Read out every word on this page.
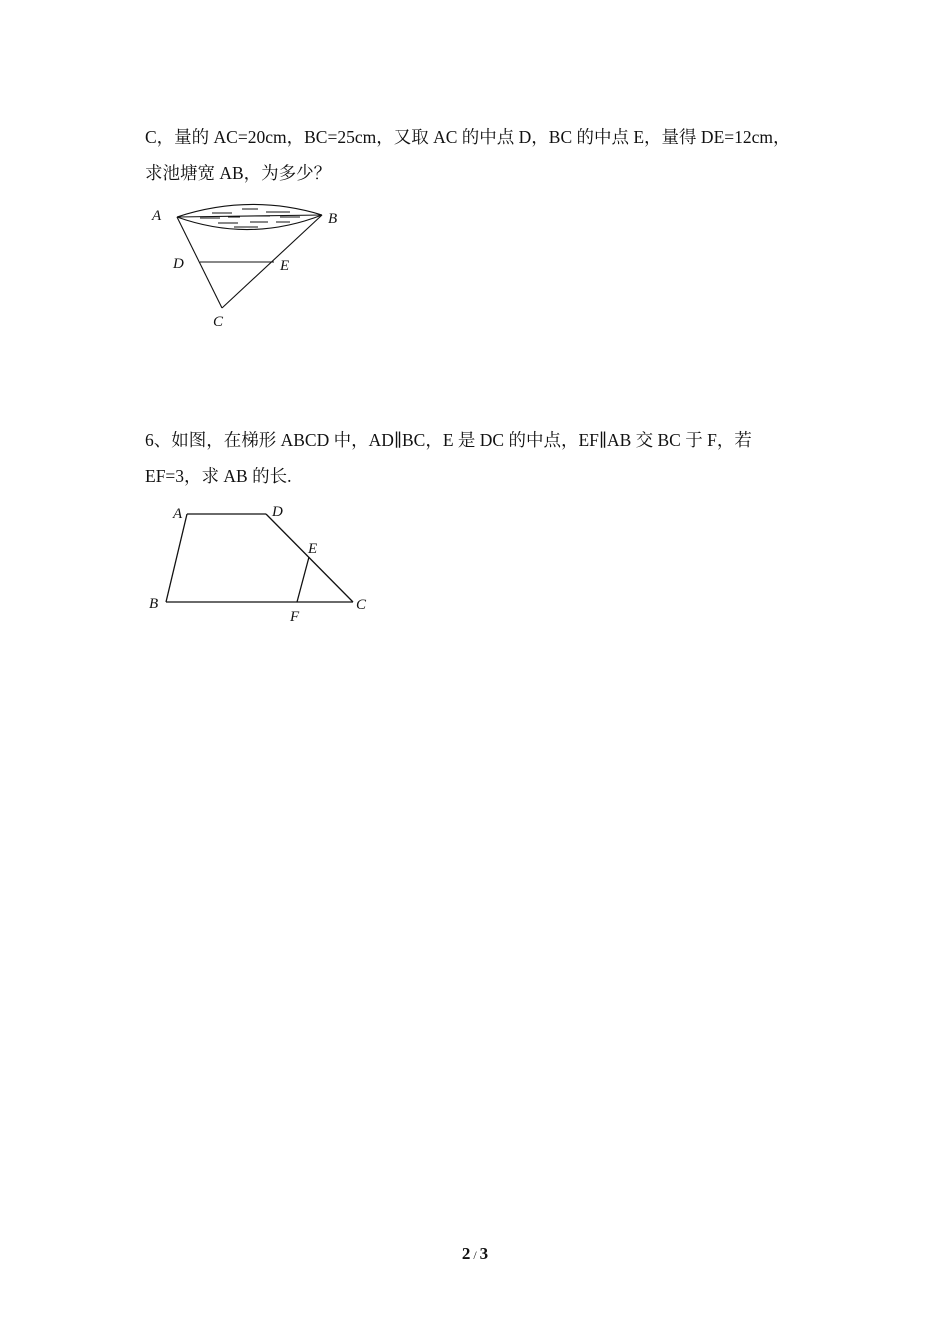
C，量的 AC=20cm，BC=25cm，又取 AC 的中点 D，BC 的中点 E，量得 DE=12cm，
求池塘宽 AB，为多少？
A	B
C
D	E
6、如图，在梯形 ABCD 中，AD∥BC，E 是 DC 的中点，EF∥AB 交 BC 于 F，若
EF=3，求 AB 的长.
A	D
E
B	C
F
2 / 3
